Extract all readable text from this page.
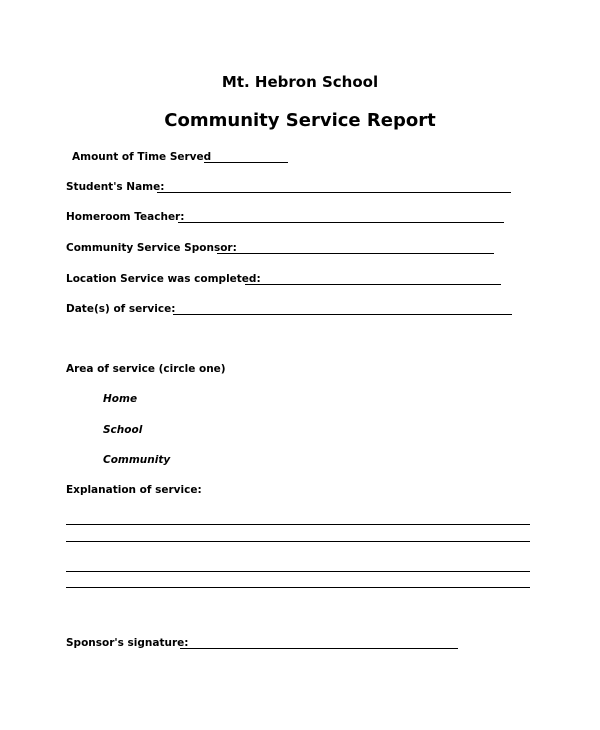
Mt. Hebron School
Community Service Report
Amount of Time Served
Student's Name:
Homeroom Teacher:
Community Service Sponsor:
Location Service was completed:
Date(s) of service:
Area of service (circle one)
Home
School
Community
Explanation of service:
Sponsor's signature:
